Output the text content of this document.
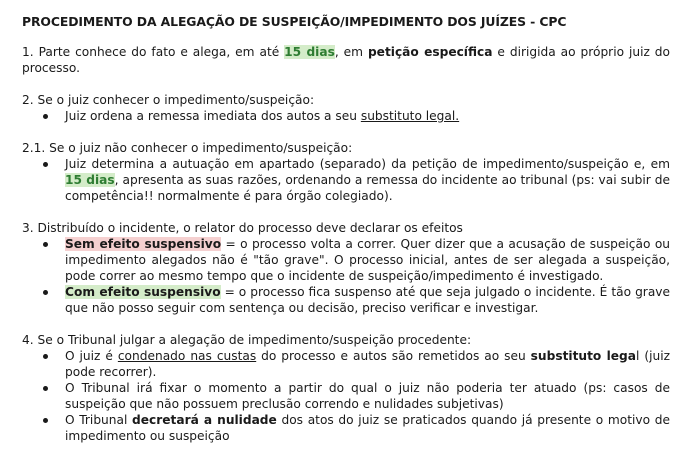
PROCEDIMENTO DA ALEGAÇÃO DE SUSPEIÇÃO/IMPEDIMENTO DOS JUÍZES - CPC

1. Parte conhece do fato e alega, em até 15 dias, em petição específica e dirigida ao próprio juiz do processo.

2. Se o juiz conhecer o impedimento/suspeição:

Juiz ordena a remessa imediata dos autos a seu substituto legal.

2.1. Se o juiz não conhecer o impedimento/suspeição:

Juiz determina a autuação em apartado (separado) da petição de impedimento/suspeição e, em 15 dias, apresenta as suas razões, ordenando a remessa do incidente ao tribunal (ps: vai subir de competência!! normalmente é para órgão colegiado).

3. Distribuído o incidente, o relator do processo deve declarar os efeitos

Sem efeito suspensivo = o processo volta a correr. Quer dizer que a acusação de suspeição ou impedimento alegados não é "tão grave". O processo inicial, antes de ser alegada a suspeição, pode correr ao mesmo tempo que o incidente de suspeição/impedimento é investigado.
Com efeito suspensivo = o processo fica suspenso até que seja julgado o incidente. É tão grave que não posso seguir com sentença ou decisão, preciso verificar e investigar.

4. Se o Tribunal julgar a alegação de impedimento/suspeição procedente:

O juiz é condenado nas custas do processo e autos são remetidos ao seu substituto legal (juiz pode recorrer).
O Tribunal irá fixar o momento a partir do qual o juiz não poderia ter atuado (ps: casos de suspeição que não possuem preclusão correndo e nulidades subjetivas)
O Tribunal decretará a nulidade dos atos do juiz se praticados quando já presente o motivo de impedimento ou suspeição
